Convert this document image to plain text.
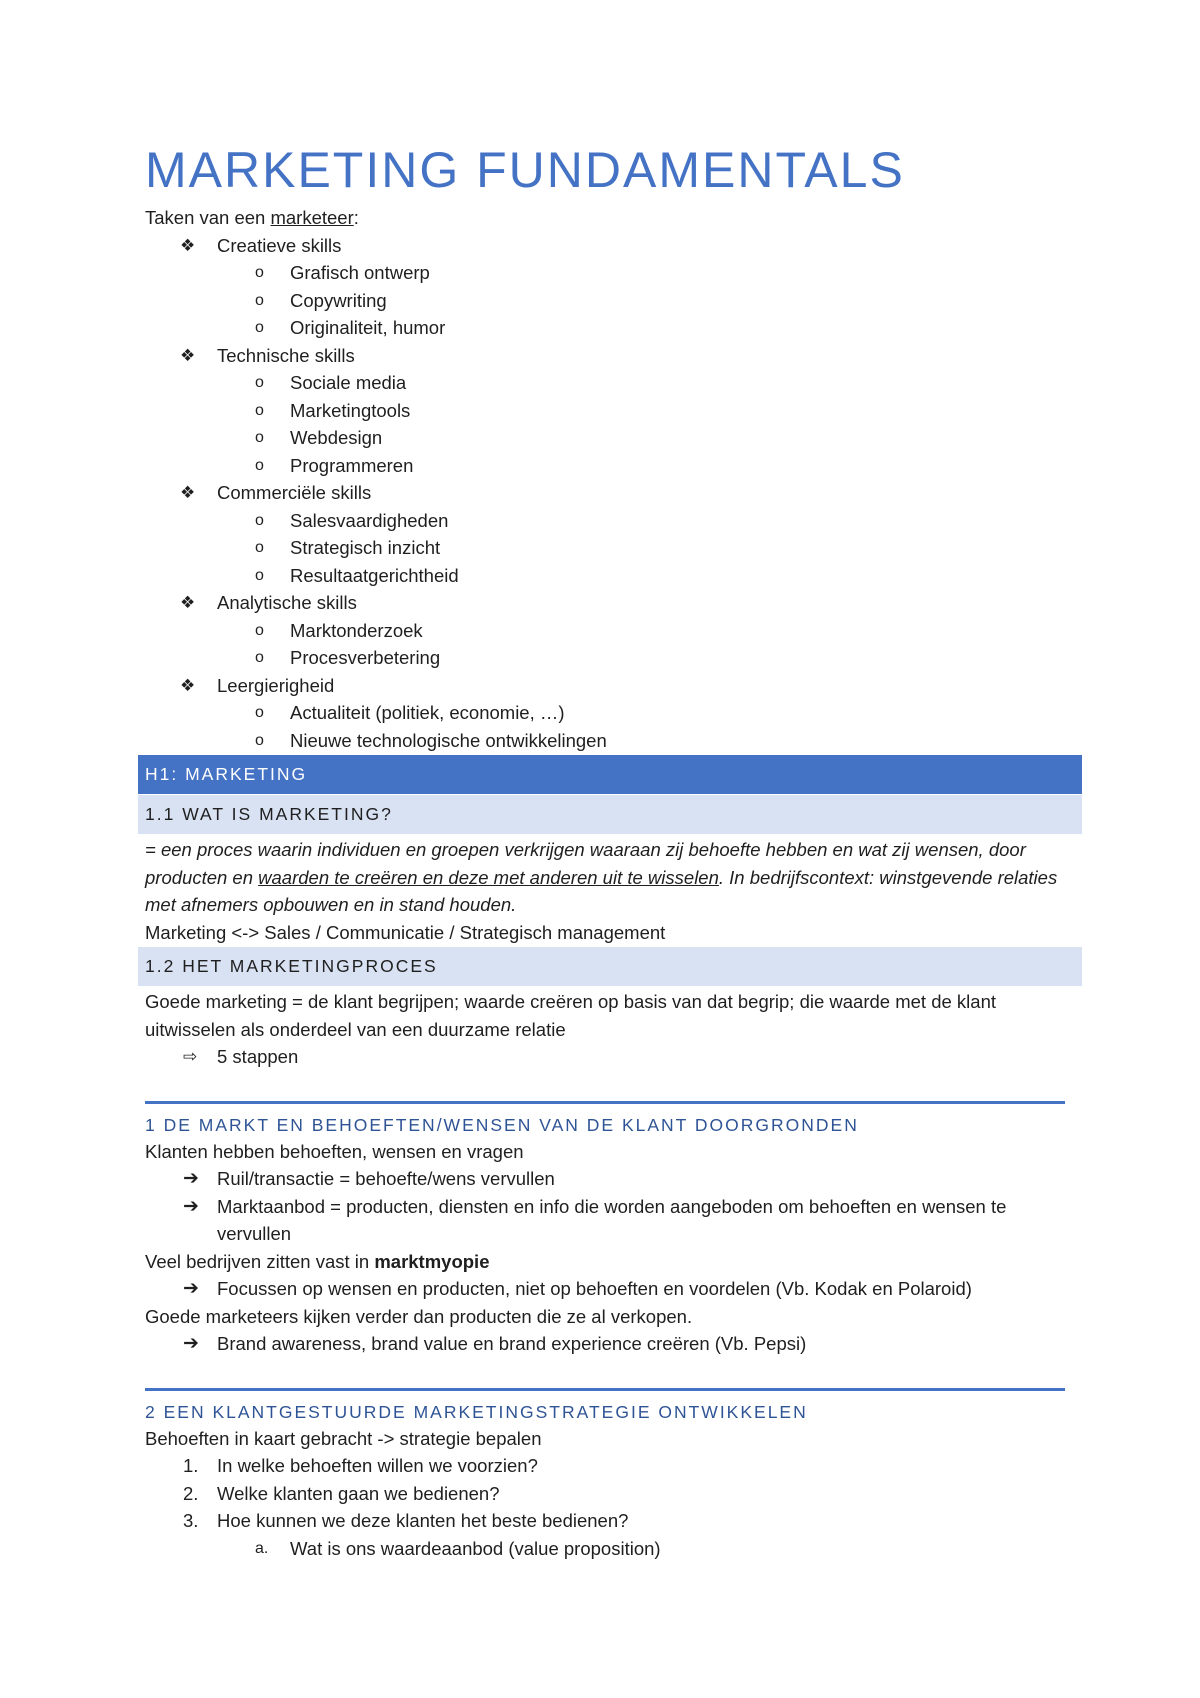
MARKETING FUNDAMENTALS
Taken van een marketeer:
❖	Creatieve skills
o	Grafisch ontwerp
o	Copywriting
o	Originaliteit, humor
❖	Technische skills
o	Sociale media
o	Marketingtools
o	Webdesign
o	Programmeren
❖	Commerciële skills
o	Salesvaardigheden
o	Strategisch inzicht
o	Resultaatgerichtheid
❖	Analytische skills
o	Marktonderzoek
o	Procesverbetering
❖	Leergierigheid
o	Actualiteit (politiek, economie, …)
o	Nieuwe technologische ontwikkelingen
H1: MARKETING
1.1 WAT IS MARKETING?
= een proces waarin individuen en groepen verkrijgen waaraan zij behoefte hebben en wat zij wensen, door producten en waarden te creëren en deze met anderen uit te wisselen. In bedrijfscontext: winstgevende relaties met afnemers opbouwen en in stand houden.
Marketing <-> Sales / Communicatie / Strategisch management
1.2 HET MARKETINGPROCES
Goede marketing = de klant begrijpen; waarde creëren op basis van dat begrip; die waarde met de klant uitwisselen als onderdeel van een duurzame relatie
⇨ 5 stappen
1 DE MARKT EN BEHOEFTEN/WENSEN VAN DE KLANT DOORGRONDEN
Klanten hebben behoeften, wensen en vragen
➔ Ruil/transactie = behoefte/wens vervullen
➔ Marktaanbod = producten, diensten en info die worden aangeboden om behoeften en wensen te vervullen
Veel bedrijven zitten vast in marktmyopie
➔ Focussen op wensen en producten, niet op behoeften en voordelen (Vb. Kodak en Polaroid)
Goede marketeers kijken verder dan producten die ze al verkopen.
➔ Brand awareness, brand value en brand experience creëren (Vb. Pepsi)
2 EEN KLANTGESTUURDE MARKETINGSTRATEGIE ONTWIKKELEN
Behoeften in kaart gebracht -> strategie bepalen
1.	In welke behoeften willen we voorzien?
2.	Welke klanten gaan we bedienen?
3.	Hoe kunnen we deze klanten het beste bedienen?
a.	Wat is ons waardeaanbod (value proposition)
